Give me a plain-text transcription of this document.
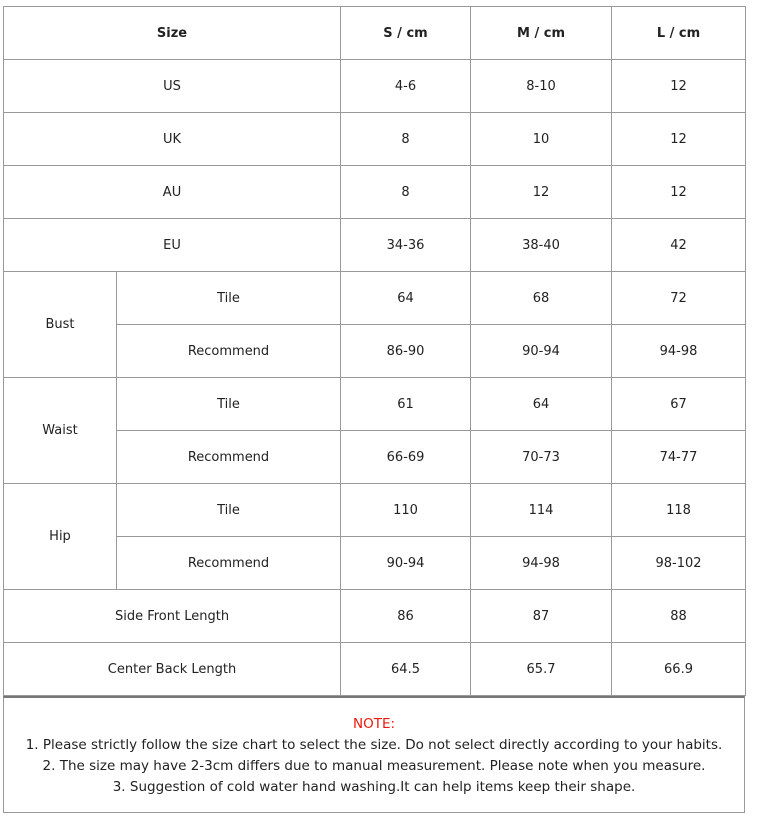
Size		S / cm	M / cm	L / cm
US		4-6	8-10	12
UK		8	10	12
AU		8	12	12
EU		34-36	38-40	42
Bust	Tile	64	68	72
	Recommend	86-90	90-94	94-98
Waist	Tile	61	64	67
	Recommend	66-69	70-73	74-77
Hip	Tile	110	114	118
	Recommend	90-94	94-98	98-102
Side Front Length		86	87	88
Center Back Length		64.5	65.7	66.9
NOTE:
1. Please strictly follow the size chart to select the size. Do not select directly according to your habits.
2. The size may have 2-3cm differs due to manual measurement. Please note when you measure.
3. Suggestion of cold water hand washing.It can help items keep their shape.
